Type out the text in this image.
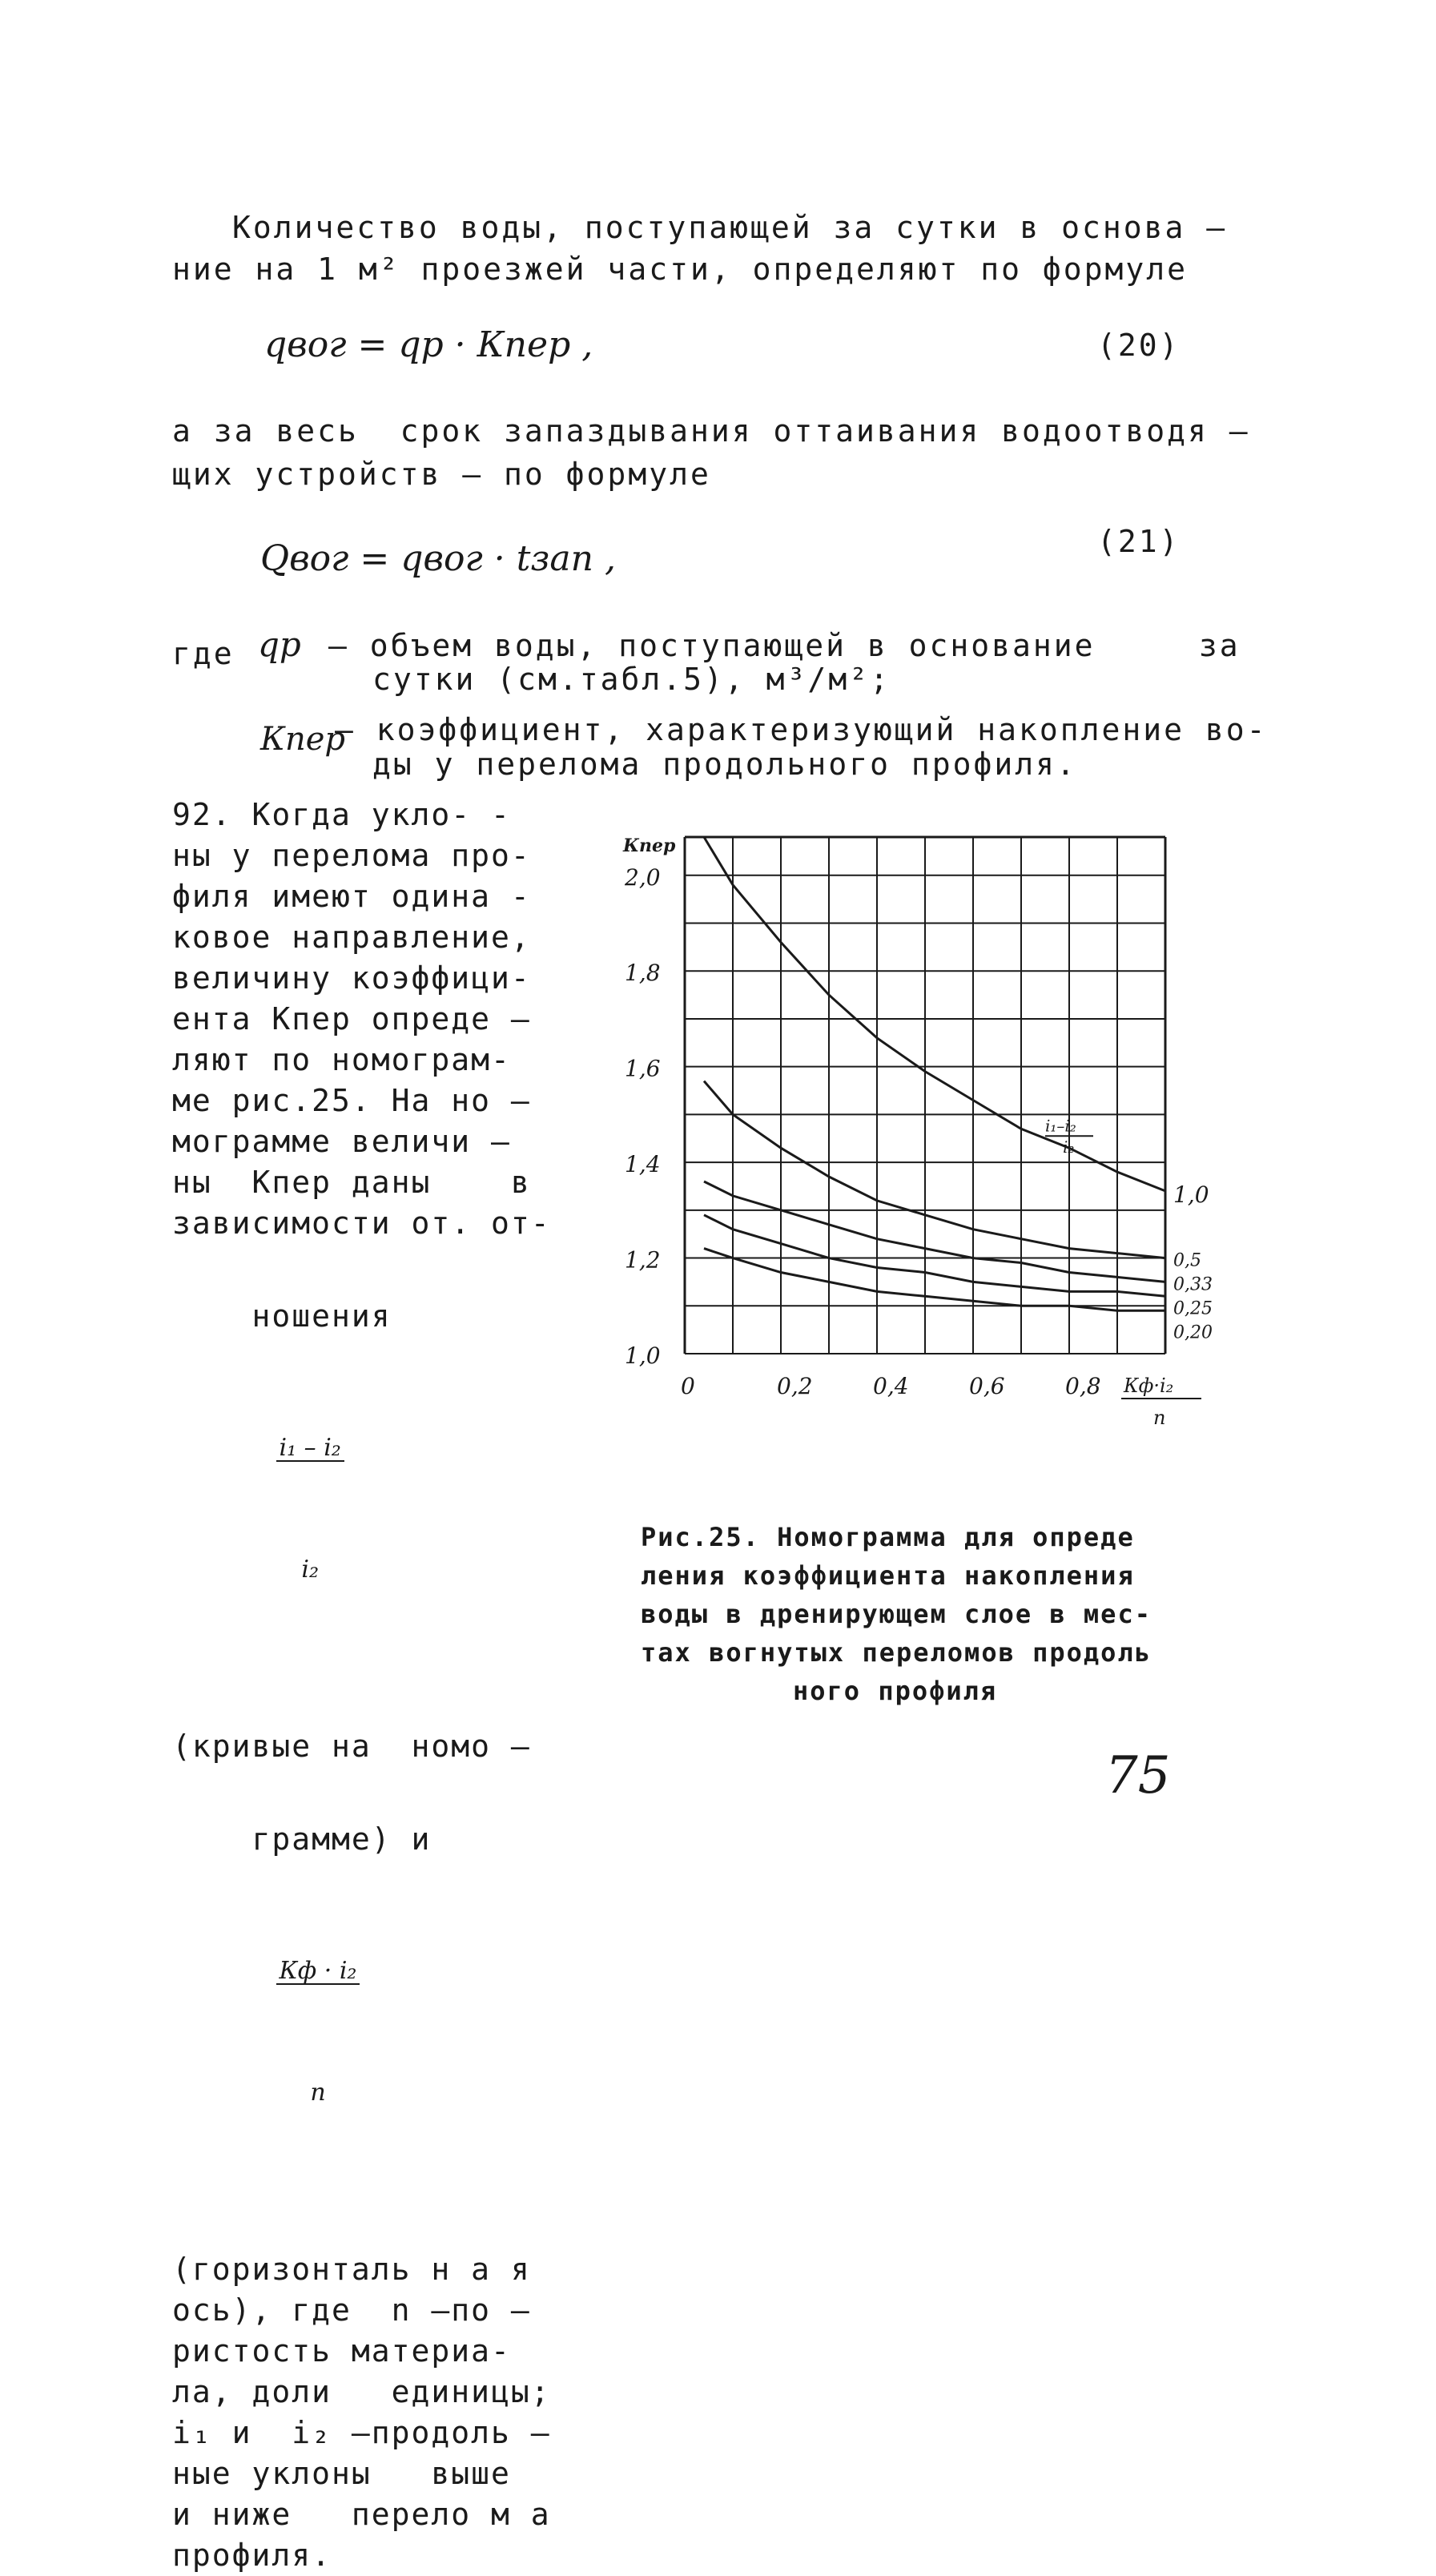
Количество воды, поступающей за сутки в основа –
ние на 1 м² проезжей части, определяют по формуле
qвог = qр · Кпер ,	(20)
а за весь  срок запаздывания оттаивания водоотводя –
щих устройств – по формуле
Qвог = qвог · tзап ,	(21)
где qр – объем воды, поступающей в основание     за
сутки (см.табл.5), м³/м²;
Кпер
– коэффициент, характеризующий накопление во-
ды у перелома продольного профиля.
92. Когда укло- -
ны у перелома про-
филя имеют одина -
ковое направление,
величину коэффици-
ента Кпер опреде –
ляют по номограм-
ме рис.25. На но –
мограмме величи –
ны  Кпер даны    в
зависимости от. от-

ношения

$\frac{\text{i₁ – i₂}}{\text{i₂}}$

(кривые на  номо –

грамме) и

$\frac{\text{Кф · i₂}}{n}$

(горизонталь н а я
ось), где  n –по –
ристость материа-
ла, доли   единицы;
i₁ и  i₂ –продоль –
ные уклоны   выше
и ниже   перело м а
профиля.
1,0
1,2
1,4
1,6
1,8
2,0
Кпер
0	0,2	0,4	0,6	0,8 Кф·i₂
n
1,0
0,5
0,33
0,25
0,20
i₁–i₂
i₂
Рис.25. Номограмма для опреде
ления коэффициента накопления
воды в дренирующем слое в мес-
тах вогнутых переломов продоль
ного профиля
75
